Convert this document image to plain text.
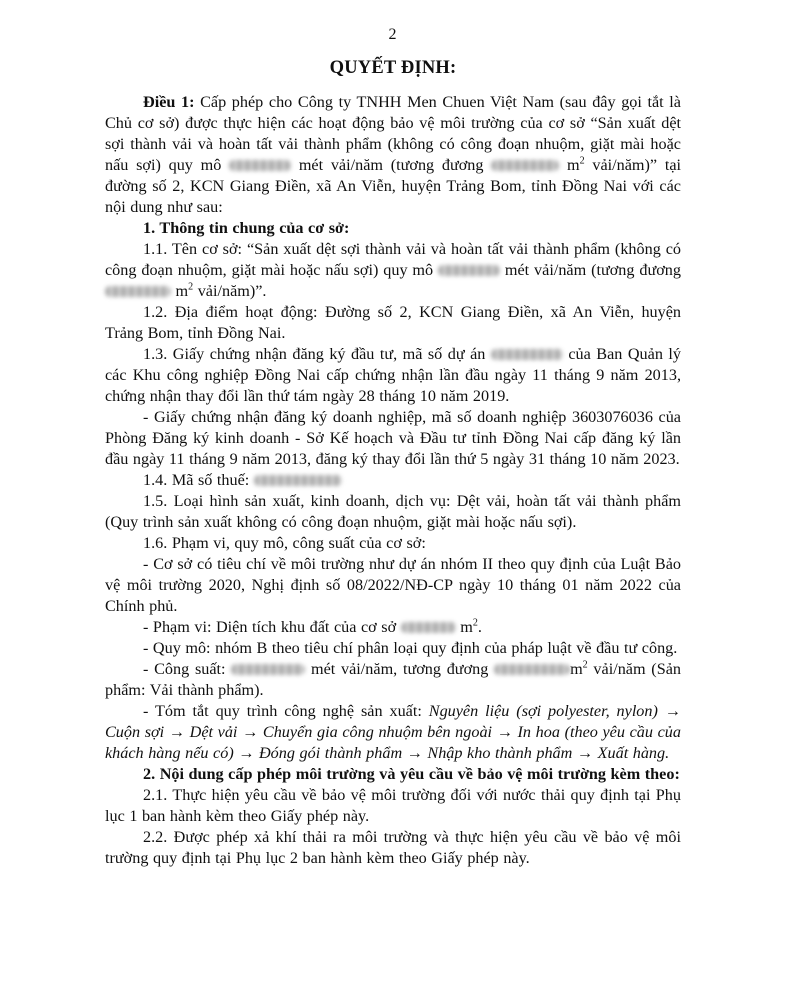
2
QUYẾT ĐỊNH:

Điều 1: Cấp phép cho Công ty TNHH Men Chuen Việt Nam (sau đây gọi tắt là Chủ cơ sở) được thực hiện các hoạt động bảo vệ môi trường của cơ sở “Sản xuất dệt sợi thành vải và hoàn tất vải thành phẩm (không có công đoạn nhuộm, giặt mài hoặc nấu sợi) quy mô	mét vải/năm (tương đương	$m^2$ vải/năm)” tại đường số 2, KCN Giang Điền, xã An Viễn, huyện Trảng Bom, tỉnh Đồng Nai với các nội dung như sau:

1. Thông tin chung của cơ sở:

1.1. Tên cơ sở: “Sản xuất dệt sợi thành vải và hoàn tất vải thành phẩm (không có công đoạn nhuộm, giặt mài hoặc nấu sợi) quy mô	mét vải/năm (tương đương  $m^2$ vải/năm)”.

1.2. Địa điểm hoạt động: Đường số 2, KCN Giang Điền, xã An Viễn, huyện Trảng Bom, tỉnh Đồng Nai.

1.3. Giấy chứng nhận đăng ký đầu tư, mã số dự án	của Ban Quản lý các Khu công nghiệp Đồng Nai cấp chứng nhận lần đầu ngày 11 tháng 9 năm 2013, chứng nhận thay đổi lần thứ tám ngày 28 tháng 10 năm 2019.

- Giấy chứng nhận đăng ký doanh nghiệp, mã số doanh nghiệp 3603076036 của Phòng Đăng ký kinh doanh - Sở Kế hoạch và Đầu tư tỉnh Đồng Nai cấp đăng ký lần đầu ngày 11 tháng 9 năm 2013, đăng ký thay đổi lần thứ 5 ngày 31 tháng 10 năm 2023.

1.4. Mã số thuế:

1.5. Loại hình sản xuất, kinh doanh, dịch vụ: Dệt vải, hoàn tất vải thành phẩm (Quy trình sản xuất không có công đoạn nhuộm, giặt mài hoặc nấu sợi).

1.6. Phạm vi, quy mô, công suất của cơ sở:

- Cơ sở có tiêu chí về môi trường như dự án nhóm II theo quy định của Luật Bảo vệ môi trường 2020, Nghị định số 08/2022/NĐ-CP ngày 10 tháng 01 năm 2022 của Chính phủ.

- Phạm vi: Diện tích khu đất của cơ sở	$m^2$.

- Quy mô: nhóm B theo tiêu chí phân loại quy định của pháp luật về đầu tư công.

- Công suất:	mét vải/năm, tương đương	$m^2$ vải/năm (Sản phẩm: Vải thành phẩm).

- Tóm tắt quy trình công nghệ sản xuất: Nguyên liệu (sợi polyester, nylon) → Cuộn sợi → Dệt vải → Chuyển gia công nhuộm bên ngoài → In hoa (theo yêu cầu của khách hàng nếu có) → Đóng gói thành phẩm → Nhập kho thành phẩm → Xuất hàng.

2. Nội dung cấp phép môi trường và yêu cầu về bảo vệ môi trường kèm theo:

2.1. Thực hiện yêu cầu về bảo vệ môi trường đối với nước thải quy định tại Phụ lục 1 ban hành kèm theo Giấy phép này.

2.2. Được phép xả khí thải ra môi trường và thực hiện yêu cầu về bảo vệ môi trường quy định tại Phụ lục 2 ban hành kèm theo Giấy phép này.
